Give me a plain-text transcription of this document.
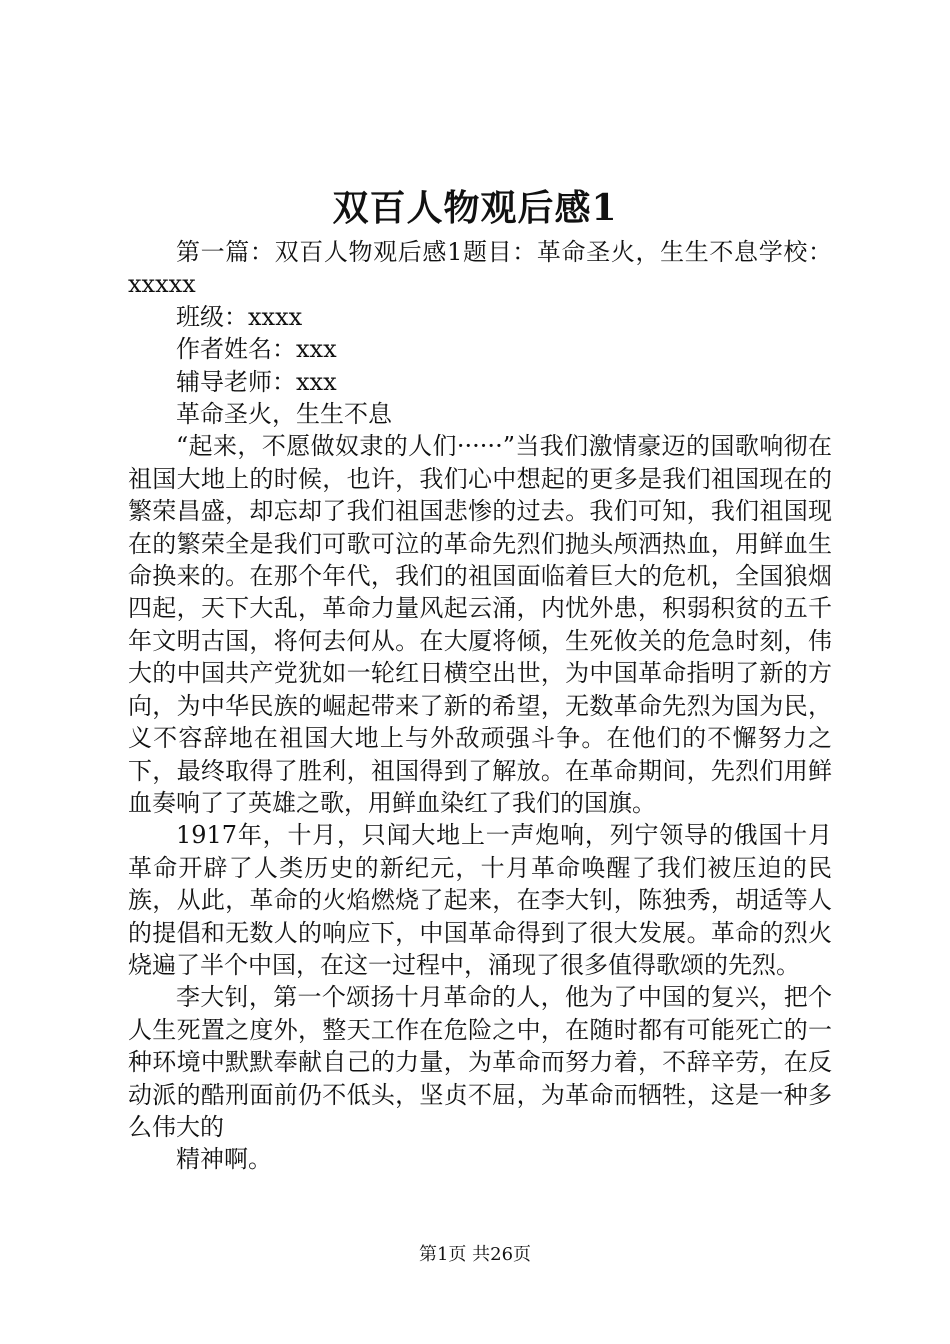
双百人物观后感1

第一篇：双百人物观后感1题目：革命圣火，生生不息学校：xxxxx

班级：xxxx

作者姓名：xxx

辅导老师：xxx

革命圣火，生生不息

“起来，不愿做奴隶的人们······”当我们激情豪迈的国歌响彻在祖国大地上的时候，也许，我们心中想起的更多是我们祖国现在的繁荣昌盛，却忘却了我们祖国悲惨的过去。我们可知，我们祖国现在的繁荣全是我们可歌可泣的革命先烈们抛头颅洒热血，用鲜血生命换来的。在那个年代，我们的祖国面临着巨大的危机，全国狼烟四起，天下大乱，革命力量风起云涌，内忧外患，积弱积贫的五千年文明古国，将何去何从。在大厦将倾，生死攸关的危急时刻，伟大的中国共产党犹如一轮红日横空出世，为中国革命指明了新的方向，为中华民族的崛起带来了新的希望，无数革命先烈为国为民，义不容辞地在祖国大地上与外敌顽强斗争。在他们的不懈努力之下，最终取得了胜利，祖国得到了解放。在革命期间，先烈们用鲜血奏响了了英雄之歌，用鲜血染红了我们的国旗。

1917年，十月，只闻大地上一声炮响，列宁领导的俄国十月革命开辟了人类历史的新纪元，十月革命唤醒了我们被压迫的民族，从此，革命的火焰燃烧了起来，在李大钊，陈独秀，胡适等人的提倡和无数人的响应下，中国革命得到了很大发展。革命的烈火烧遍了半个中国，在这一过程中，涌现了很多值得歌颂的先烈。

李大钊，第一个颂扬十月革命的人，他为了中国的复兴，把个人生死置之度外，整天工作在危险之中，在随时都有可能死亡的一种环境中默默奉献自己的力量，为革命而努力着，不辞辛劳，在反动派的酷刑面前仍不低头，坚贞不屈，为革命而牺牲，这是一种多么伟大的

精神啊。

第1页 共26页
